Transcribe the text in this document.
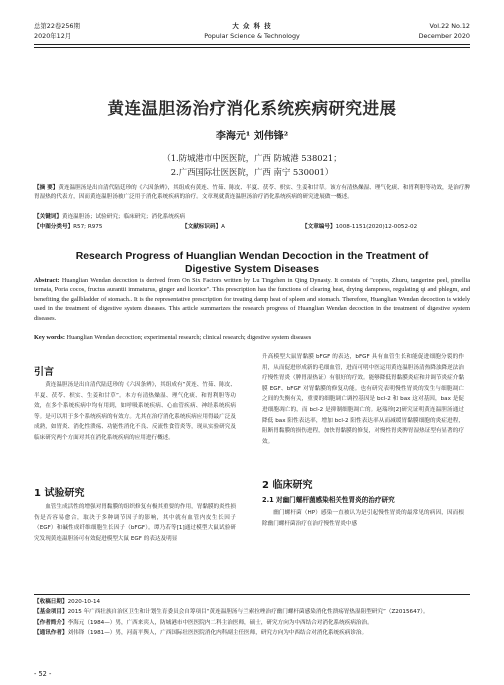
总第22卷256期
2020年12月
大 众 科 技
Popular Science & Technology
Vol.22 No.12
December 2020
黄连温胆汤治疗消化系统疾病研究进展
李海元¹ 刘伟锋²
（1.防城港市中医医院，广西 防城港 538021；
2.广西国际壮医医院，广西 南宁 530001）
【摘 要】黄连温胆汤是出自清代陆廷珍的《六因条辨》，其组成有黄连、竹茹、陈皮、半夏、茯苓、枳实、生姜和甘草。该方有清热燥湿、理气化痰、和胃利胆等功效，是治疗脾胃湿热的代表方，因而黄连温胆汤被广泛用于消化系统疾病的治疗。文章现就黄连温胆汤治疗消化系统疾病的研究进展做一概述。
【关键词】黄连温胆汤；试验研究；临床研究；消化系统疾病
【中图分类号】R57; R975	【文献标识码】A	【文章编号】1008-1151(2020)12-0052-02
Research Progress of Huanglian Wendan Decoction in the Treatment of
Digestive System Diseases
Abstract: Huanglian Wendan decoction is derived from On Six Factors written by Lu Tingzhen in Qing Dynasty. It consists of "coptis, Zhuru, tangerine peel, pinellia ternata, Poria cocos, fructus aurantii immaturus, ginger and licorice". This prescription has the functions of clearing heat, drying dampness, regulating qi and phlegm, and benefiting the gallbladder of stomach.. It is the representative prescription for treating damp heat of spleen and stomach. Therefore, Huanglian Wendan decoction is widely used in the treatment of digestive system diseases. This article summarizes the research progress of Huanglian Wendan decoction in the treatment of digestive system diseases.
Key words: Huanglian Wendan decoction; experimental research; clinical research; digestive system diseases
引言
黄连温胆汤是出自清代陆廷珍的《六因条辨》，其组成有“黄连、竹茹、陈皮、半夏、茯苓、枳实、生姜和甘草”。本方有清热燥湿、理气化痰、和胃利胆等功效，在多个系统疾病中均有用到，如呼吸系统疾病、心血管疾病、神经系统疾病等。是可以用于多个系统疾病的有效方。尤其在治疗消化系统疾病应用得最广泛及成熟，如胃炎、消化性溃疡、功能性消化不良、反流性食管炎等，现从实验研究及临床研究两个方面对其在消化系统疾病的应用进行概述。
1 试验研究
血管生成活性的增强对胃黏膜的组织修复有极其重要的作用，胃黏膜的炎性损伤是否容易愈合，取决于多种调节因子的影响，其中就有血管内皮生长因子（EGF）和碱性成纤维细胞生长因子（bFGF）。谭乃若等[1]通过模型大鼠试验研究发现黄连温胆汤可有效促进模型大鼠 EGF 的表达及明显
升高模型大鼠胃黏膜 bFGF 的表达，bFGF 具有血管生长和能促进细胞分裂的作用，从而促进形成新的毛细血管，进而可明中医运用黄连温胆汤清热降浊降逆法治疗慢性胃炎（脾胃湿热证）有很好的疗效。能够降低胃黏膜炎症和并调节炎症介黏膜 EGF、bFGF 对胃黏膜的修复功能。也有研究表明慢性胃炎的发生与细胞凋亡之间的失衡有关，重要的细胞调亡调控基因是 bcl-2 和 bax 这对基因，bax 是促进细胞凋亡的，而 bcl-2 是抑制细胞凋亡的。赵瑞珍[2]研究证明黄连温胆汤通过降低 bax 阳性表达率，增加 bcl-2 阳性表达率从而减缓胃黏膜细胞的炎症进程，阻断胃黏膜的损伤进程，加快胃黏膜的修复，对慢性胃炎脾胃湿热证型有显著的疗效。
2 临床研究
2.1 对幽门螺杆菌感染相关性胃炎的治疗研究
幽门螺杆菌（HP）感染一直被认为是引起慢性胃炎的最常见的病因，因而根除幽门螺杆菌治疗在治疗慢性胃炎中感
【收稿日期】2020-10-14
【基金项目】2015 年广西壮族自治区卫生和计划生育委员会自筹项目“黄连温胆汤与兰索拉唑治疗幽门螺杆菌感染消化性溃疡胃热湿阻型研究”（Z2015647）。
【作者简介】李海元（1984—）男，广西来宾人，防城港市中医医院内二科主治医师，硕士，研究方向为中西结合对消化系统疾病治治。
【通讯作者】刘伟锋（1981—）男，河南平舆人，广西国际壮医医院消化内科副主任医师，研究方向为中西结合对消化系统疾病诊治。
- 52 -
